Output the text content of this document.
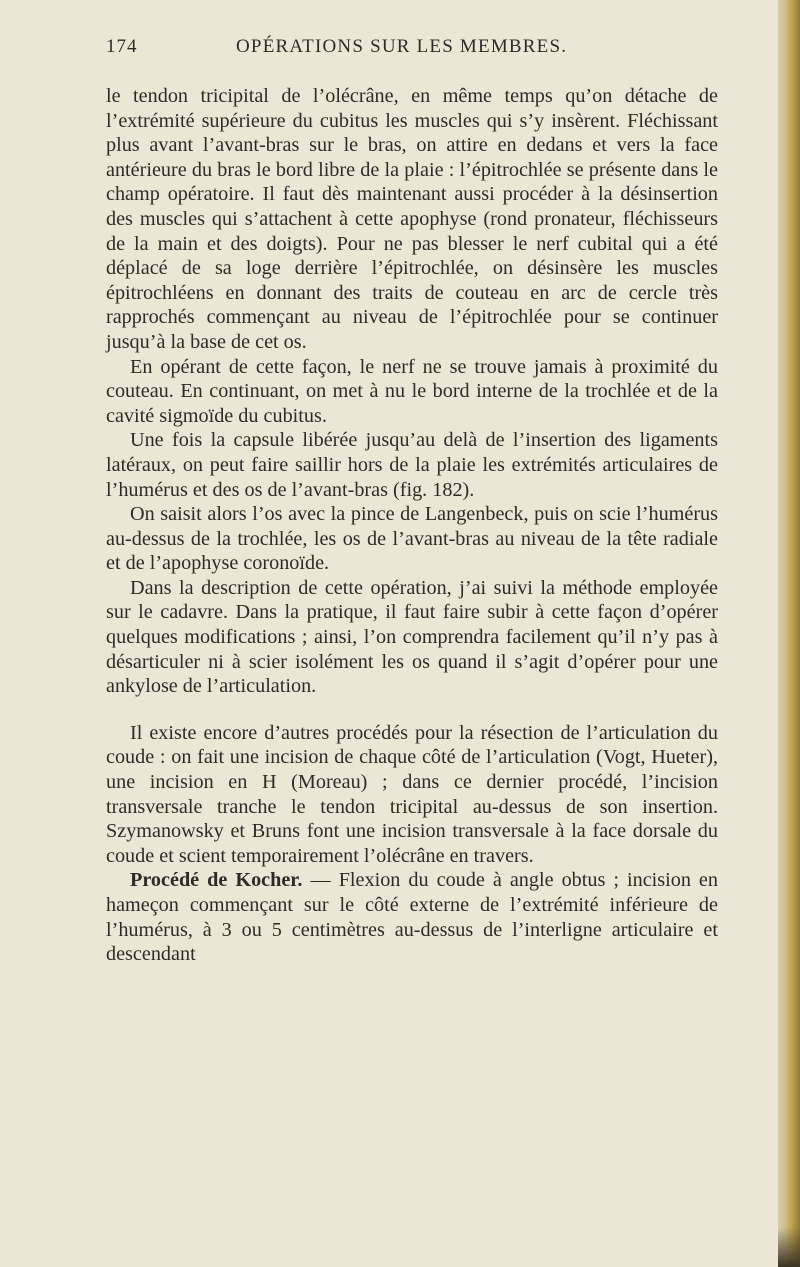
174	OPÉRATIONS SUR LES MEMBRES.

le tendon tricipital de l’olécrâne, en même temps qu’on détache de l’extrémité supérieure du cubitus les muscles qui s’y insèrent. Fléchissant plus avant l’avant-bras sur le bras, on attire en dedans et vers la face antérieure du bras le bord libre de la plaie : l’épitrochlée se présente dans le champ opératoire. Il faut dès maintenant aussi procéder à la désinsertion des muscles qui s’attachent à cette apophyse (rond pronateur, fléchisseurs de la main et des doigts). Pour ne pas blesser le nerf cubital qui a été déplacé de sa loge derrière l’épitrochlée, on désinsère les muscles épitrochléens en donnant des traits de couteau en arc de cercle très rapprochés commençant au niveau de l’épitrochlée pour se continuer jusqu’à la base de cet os.

En opérant de cette façon, le nerf ne se trouve jamais à proximité du couteau. En continuant, on met à nu le bord interne de la trochlée et de la cavité sigmoïde du cubitus.

Une fois la capsule libérée jusqu’au delà de l’insertion des ligaments latéraux, on peut faire saillir hors de la plaie les extrémités articulaires de l’humérus et des os de l’avant-bras (fig. 182).

On saisit alors l’os avec la pince de Langenbeck, puis on scie l’humérus au-dessus de la trochlée, les os de l’avant-bras au niveau de la tête radiale et de l’apophyse coronoïde.

Dans la description de cette opération, j’ai suivi la méthode employée sur le cadavre. Dans la pratique, il faut faire subir à cette façon d’opérer quelques modifications ; ainsi, l’on comprendra facilement qu’il n’y pas à désarticuler ni à scier isolément les os quand il s’agit d’opérer pour une ankylose de l’articulation.

Il existe encore d’autres procédés pour la résection de l’articulation du coude : on fait une incision de chaque côté de l’articulation (Vogt, Hueter), une incision en H (Moreau) ; dans ce dernier procédé, l’incision transversale tranche le tendon tricipital au-dessus de son insertion. Szymanowsky et Bruns font une incision transversale à la face dorsale du coude et scient temporairement l’olécrâne en travers.

Procédé de Kocher. — Flexion du coude à angle obtus ; incision en hameçon commençant sur le côté externe de l’extrémité inférieure de l’humérus, à 3 ou 5 centimètres au-dessus de l’interligne articulaire et descendant
